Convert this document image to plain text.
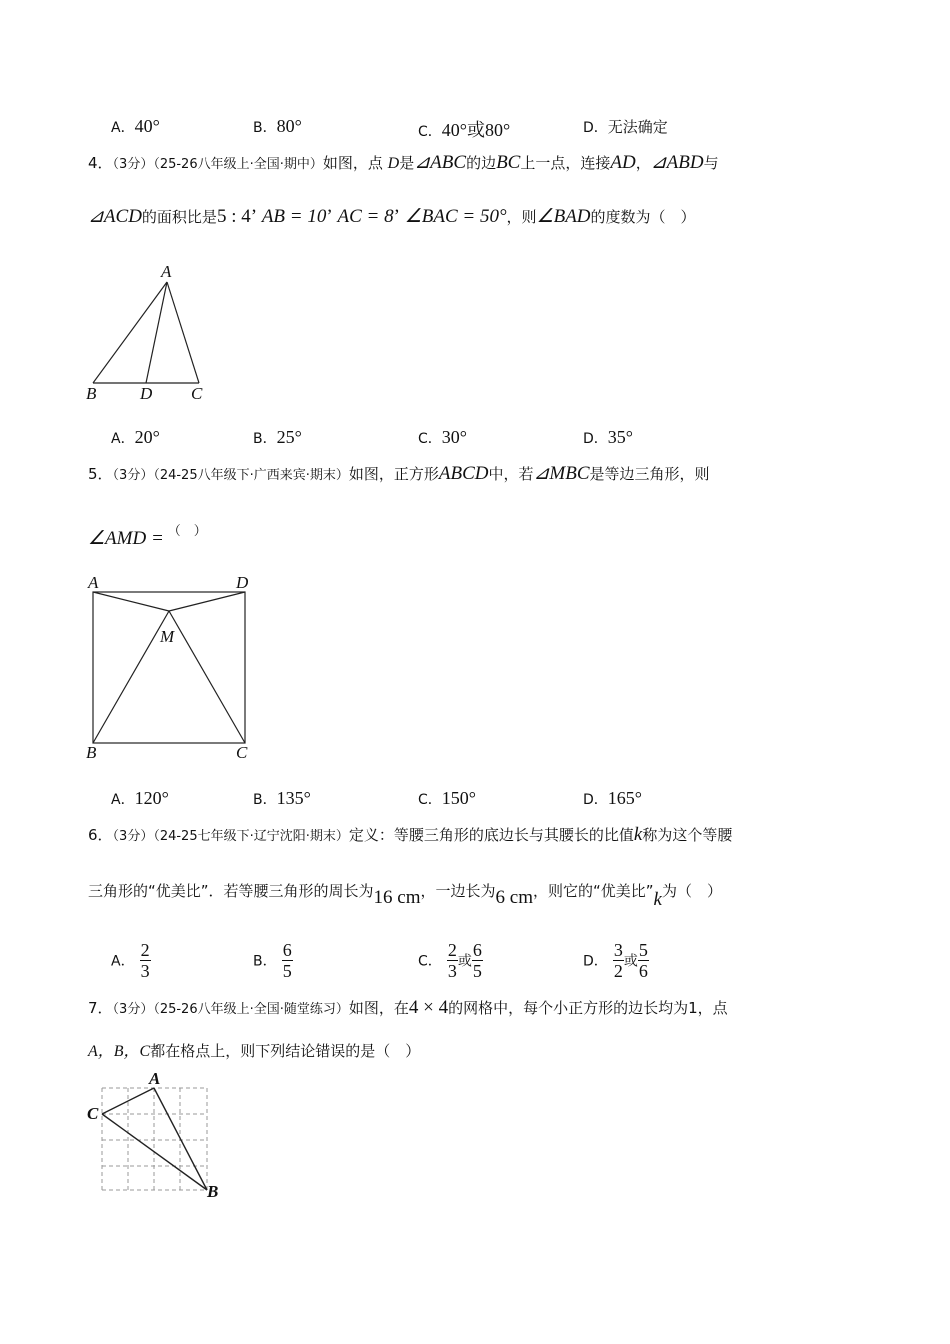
A．40°	B．80°	C．40°或80°	D．无法确定
4．（3分）（25-26八年级上·全国·期中）如图，点 D是⊿ABC的边BC上一点，连接AD，⊿ABD与
⊿ACD的面积比是5 : 4’ AB = 10’ AC = 8’ ∠BAC = 50°，则∠BAD的度数为（　）
A
B	D C
A．20°	B．25°	C．30°	D．35°
5．（3分）（24-25八年级下·广西来宾·期末）如图，正方形ABCD中，若⊿MBC是等边三角形，则
∠AMD = （　）
A	D
M
B	C
A．120°	B．135°	C．150°	D．165°
6．（3分）（24-25七年级下·辽宁沈阳·期末）定义：等腰三角形的底边长与其腰长的比值k称为这个等腰
三角形的“优美比”．若等腰三角形的周长为16 cm，一边长为6 cm，则它的“优美比”k为（　）
A． $\frac{2}{3}$	B． $\frac{6}{5}$	C． $\frac{2}{3}$ 或 $\frac{6}{5}$	D． $\frac{3}{2}$ 或 $\frac{5}{6}$
7．（3分）（25-26八年级上·全国·随堂练习）如图，在4 × 4的网格中，每个小正方形的边长均为1，点
A，B，C都在格点上，则下列结论错误的是（　）
A
C
B
